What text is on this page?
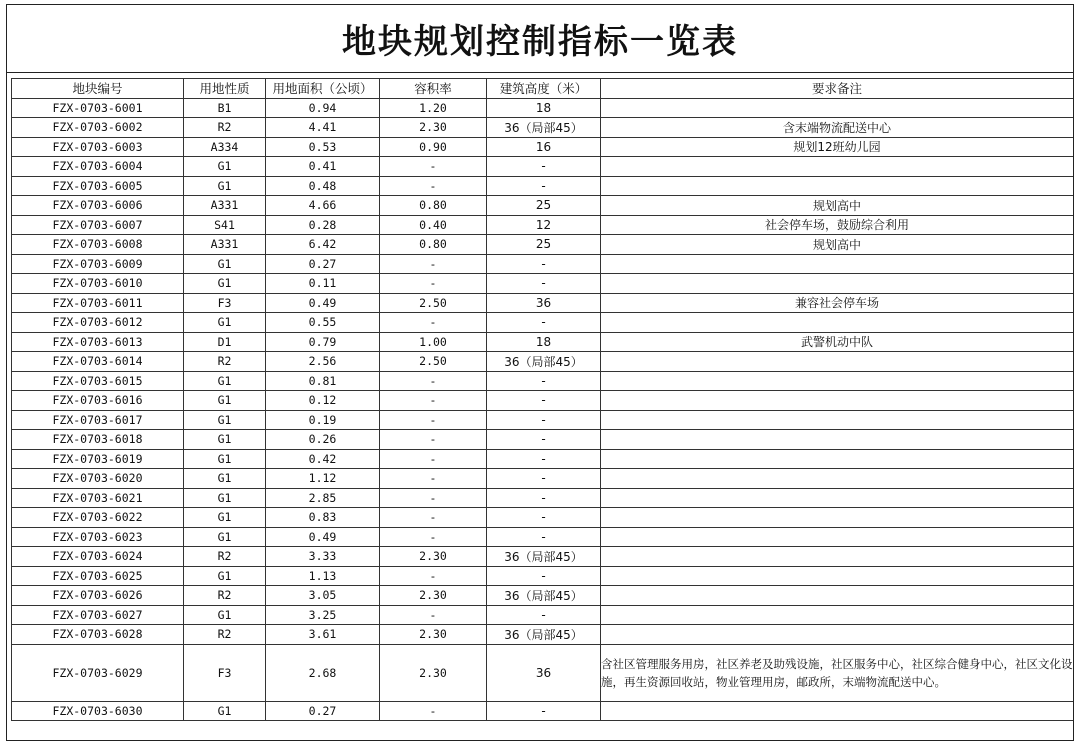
地块规划控制指标一览表
地块编号	用地性质	用地面积（公顷）	容积率	建筑高度（米）	要求备注
FZX-0703-6001	B1	0.94	1.20	18	
FZX-0703-6002	R2	4.41	2.30	36（局部45）	含末端物流配送中心
FZX-0703-6003	A334	0.53	0.90	16	规划12班幼儿园
FZX-0703-6004	G1	0.41	-	-	
FZX-0703-6005	G1	0.48	-	-	
FZX-0703-6006	A331	4.66	0.80	25	规划高中
FZX-0703-6007	S41	0.28	0.40	12	社会停车场，鼓励综合利用
FZX-0703-6008	A331	6.42	0.80	25	规划高中
FZX-0703-6009	G1	0.27	-	-	
FZX-0703-6010	G1	0.11	-	-	
FZX-0703-6011	F3	0.49	2.50	36	兼容社会停车场
FZX-0703-6012	G1	0.55	-	-	
FZX-0703-6013	D1	0.79	1.00	18	武警机动中队
FZX-0703-6014	R2	2.56	2.50	36（局部45）	
FZX-0703-6015	G1	0.81	-	-	
FZX-0703-6016	G1	0.12	-	-	
FZX-0703-6017	G1	0.19	-	-	
FZX-0703-6018	G1	0.26	-	-	
FZX-0703-6019	G1	0.42	-	-	
FZX-0703-6020	G1	1.12	-	-	
FZX-0703-6021	G1	2.85	-	-	
FZX-0703-6022	G1	0.83	-	-	
FZX-0703-6023	G1	0.49	-	-	
FZX-0703-6024	R2	3.33	2.30	36（局部45）	
FZX-0703-6025	G1	1.13	-	-	
FZX-0703-6026	R2	3.05	2.30	36（局部45）	
FZX-0703-6027	G1	3.25	-	-	
FZX-0703-6028	R2	3.61	2.30	36（局部45）	
FZX-0703-6029	F3	2.68	2.30	36	含社区管理服务用房，社区养老及助残设施，社区服务中心，社区综合健身中心，社区文化设施，再生资源回收站，物业管理用房，邮政所，末端物流配送中心。
FZX-0703-6030	G1	0.27	-	-	
